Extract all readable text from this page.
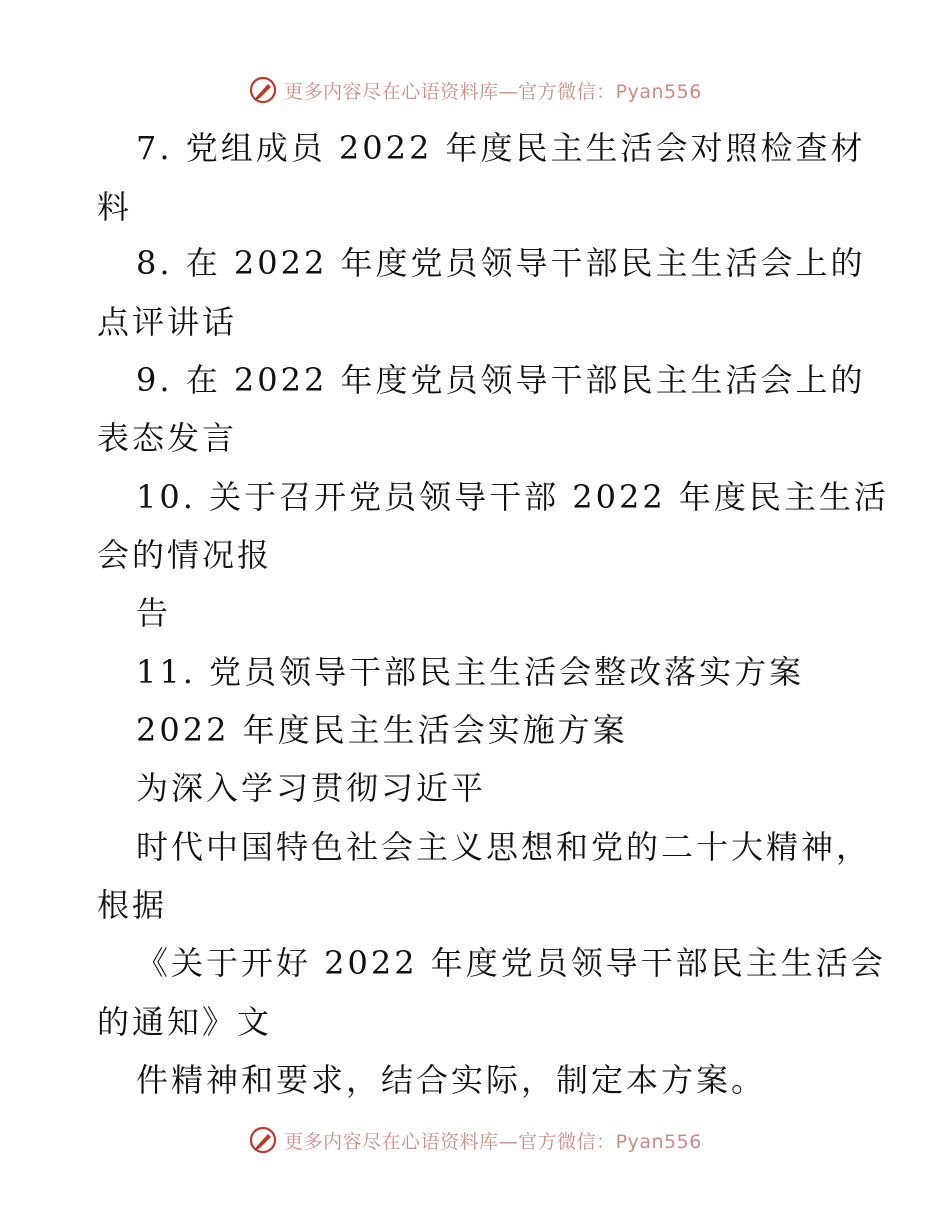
更多内容尽在心语资料库—官方微信：Pyan556
7. 党组成员 2022 年度民主生活会对照检查材
料
8. 在 2022 年度党员领导干部民主生活会上的
点评讲话
9. 在 2022 年度党员领导干部民主生活会上的
表态发言
10. 关于召开党员领导干部 2022 年度民主生活
会的情况报
告
11. 党员领导干部民主生活会整改落实方案
2022 年度民主生活会实施方案
为深入学习贯彻习近平
时代中国特色社会主义思想和党的二十大精神，
根据
《关于开好 2022 年度党员领导干部民主生活会
的通知》文
件精神和要求，结合实际，制定本方案。
更多内容尽在心语资料库—官方微信：Pyan556
